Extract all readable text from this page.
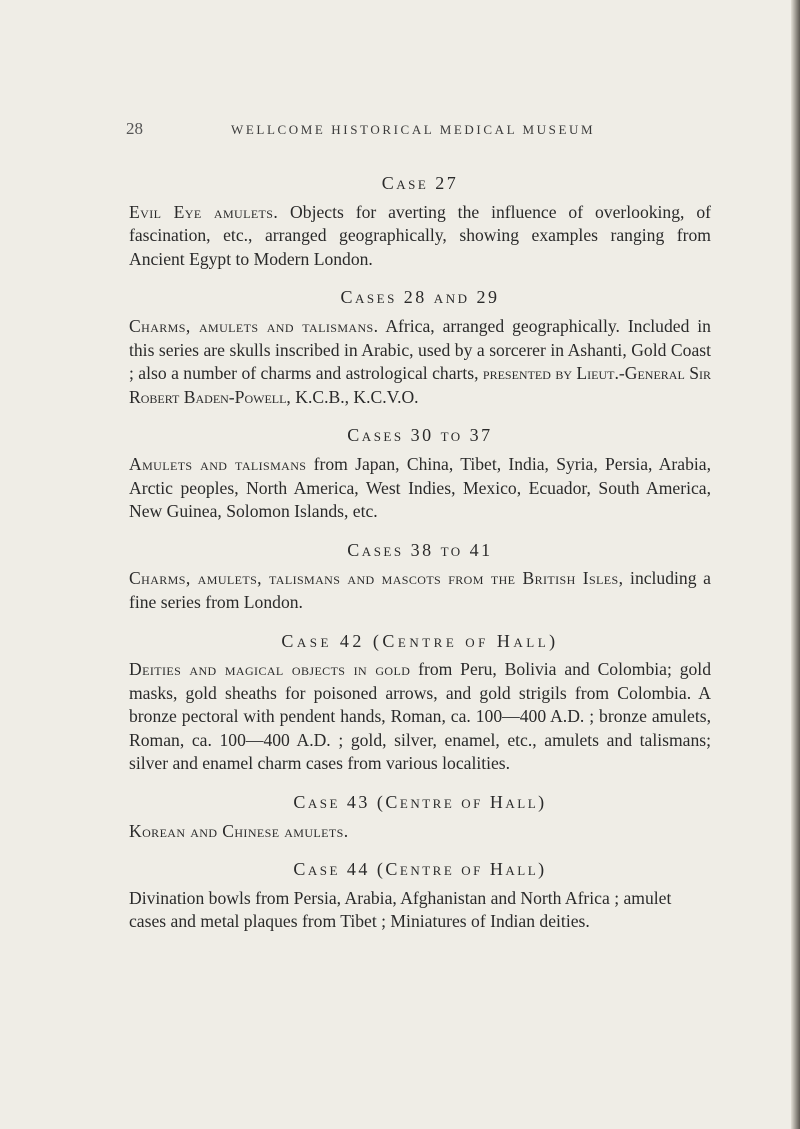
28	WELLCOME HISTORICAL MEDICAL MUSEUM
Case 27

Evil Eye amulets. Objects for averting the influence of overlooking, of fascination, etc., arranged geographically, showing examples ranging from Ancient Egypt to Modern London.

Cases 28 and 29

Charms, amulets and talismans. Africa, arranged geographically. Included in this series are skulls inscribed in Arabic, used by a sorcerer in Ashanti, Gold Coast ; also a number of charms and astrological charts, presented by Lieut.-General Sir Robert Baden-Powell, K.C.B., K.C.V.O.

Cases 30 to 37

Amulets and talismans from Japan, China, Tibet, India, Syria, Persia, Arabia, Arctic peoples, North America, West Indies, Mexico, Ecuador, South America, New Guinea, Solomon Islands, etc.

Cases 38 to 41

Charms, amulets, talismans and mascots from the British Isles, including a fine series from London.

Case 42 (Centre of Hall)

Deities and magical objects in gold from Peru, Bolivia and Colombia; gold masks, gold sheaths for poisoned arrows, and gold strigils from Colombia. A bronze pectoral with pendent hands, Roman, ca. 100—400 A.D. ; bronze amulets, Roman, ca. 100—400 A.D. ; gold, silver, enamel, etc., amulets and talismans; silver and enamel charm cases from various localities.

Case 43 (Centre of Hall)

Korean and Chinese amulets.

Case 44 (Centre of Hall)

Divination bowls from Persia, Arabia, Afghanistan and North Africa ; amulet cases and metal plaques from Tibet ; Miniatures of Indian deities.
